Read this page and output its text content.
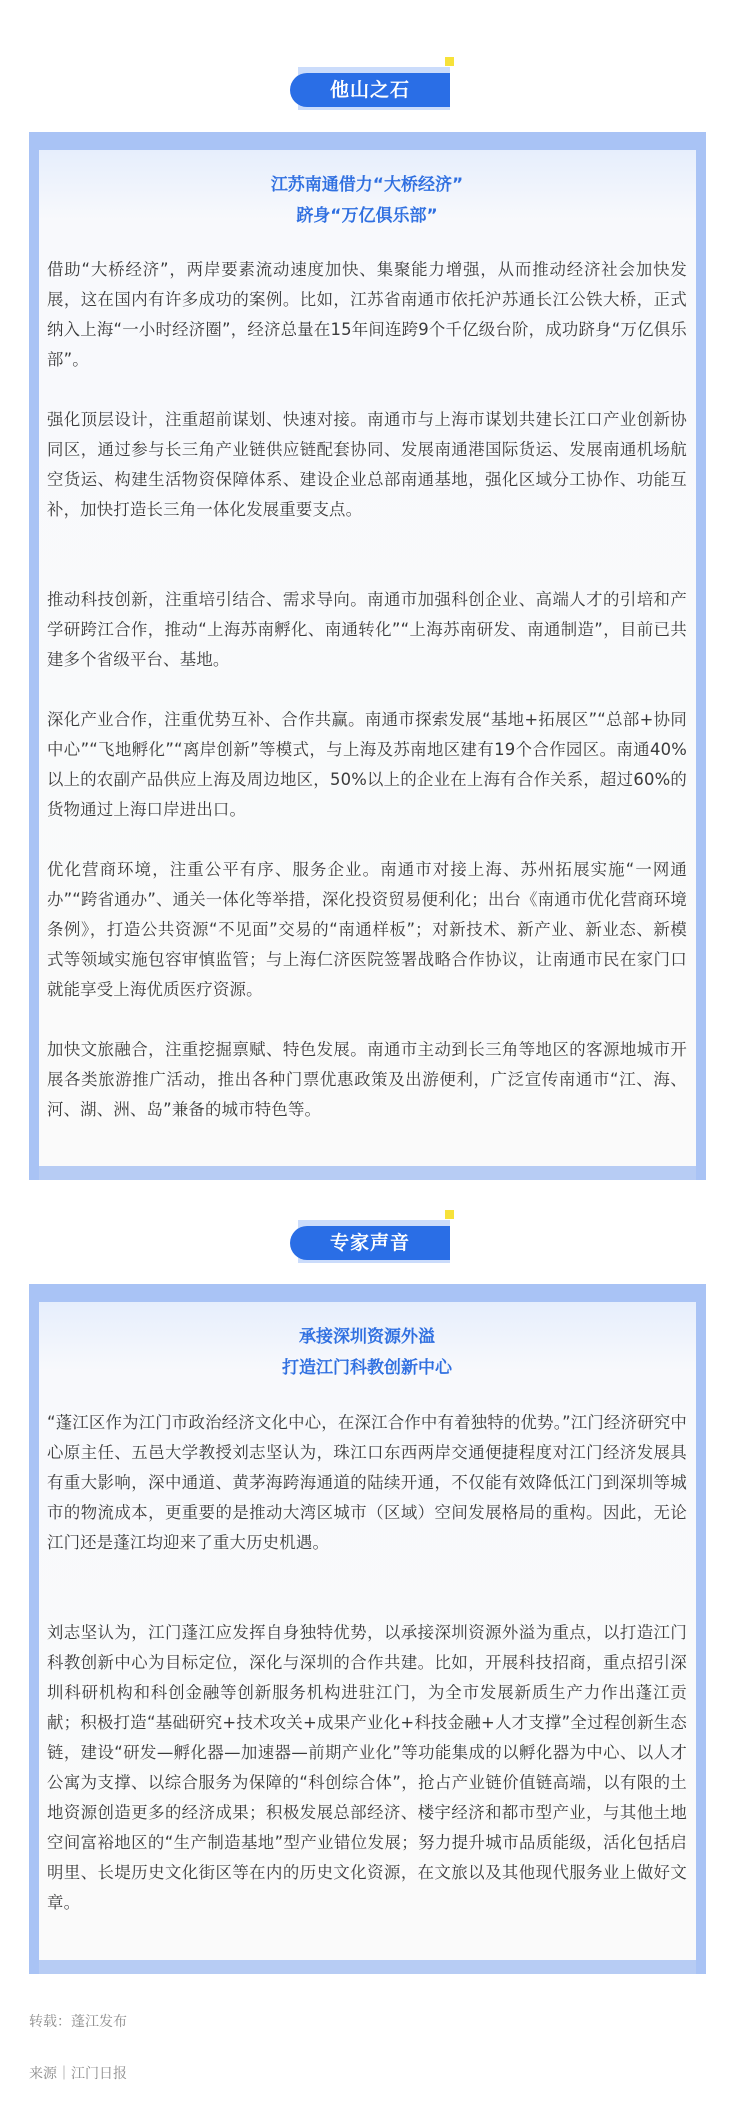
他山之石
江苏南通借力“大桥经济”
跻身“万亿俱乐部”
借助“大桥经济”，两岸要素流动速度加快、集聚能力增强，从而推动经济社会加快发展，这在国内有许多成功的案例。比如，江苏省南通市依托沪苏通长江公铁大桥，正式纳入上海“一小时经济圈”，经济总量在15年间连跨9个千亿级台阶，成功跻身“万亿俱乐部”。
强化顶层设计，注重超前谋划、快速对接。南通市与上海市谋划共建长江口产业创新协同区，通过参与长三角产业链供应链配套协同、发展南通港国际货运、发展南通机场航空货运、构建生活物资保障体系、建设企业总部南通基地，强化区域分工协作、功能互补，加快打造长三角一体化发展重要支点。
推动科技创新，注重培引结合、需求导向。南通市加强科创企业、高端人才的引培和产学研跨江合作，推动“上海苏南孵化、南通转化”“上海苏南研发、南通制造”，目前已共建多个省级平台、基地。
深化产业合作，注重优势互补、合作共赢。南通市探索发展“基地+拓展区”“总部+协同中心”“飞地孵化”“离岸创新”等模式，与上海及苏南地区建有19个合作园区。南通40%以上的农副产品供应上海及周边地区，50%以上的企业在上海有合作关系，超过60%的货物通过上海口岸进出口。
优化营商环境，注重公平有序、服务企业。南通市对接上海、苏州拓展实施“一网通办”“跨省通办”、通关一体化等举措，深化投资贸易便利化；出台《南通市优化营商环境条例》，打造公共资源“不见面”交易的“南通样板”；对新技术、新产业、新业态、新模式等领域实施包容审慎监管；与上海仁济医院签署战略合作协议，让南通市民在家门口就能享受上海优质医疗资源。
加快文旅融合，注重挖掘禀赋、特色发展。南通市主动到长三角等地区的客源地城市开展各类旅游推广活动，推出各种门票优惠政策及出游便利，广泛宣传南通市“江、海、河、湖、洲、岛”兼备的城市特色等。
专家声音
承接深圳资源外溢
打造江门科教创新中心
“蓬江区作为江门市政治经济文化中心，在深江合作中有着独特的优势。”江门经济研究中心原主任、五邑大学教授刘志坚认为，珠江口东西两岸交通便捷程度对江门经济发展具有重大影响，深中通道、黄茅海跨海通道的陆续开通，不仅能有效降低江门到深圳等城市的物流成本，更重要的是推动大湾区城市（区域）空间发展格局的重构。因此，无论江门还是蓬江均迎来了重大历史机遇。
刘志坚认为，江门蓬江应发挥自身独特优势，以承接深圳资源外溢为重点，以打造江门科教创新中心为目标定位，深化与深圳的合作共建。比如，开展科技招商，重点招引深圳科研机构和科创金融等创新服务机构进驻江门，为全市发展新质生产力作出蓬江贡献；积极打造“基础研究+技术攻关+成果产业化+科技金融+人才支撑”全过程创新生态链，建设“研发—孵化器—加速器—前期产业化”等功能集成的以孵化器为中心、以人才公寓为支撑、以综合服务为保障的“科创综合体”，抢占产业链价值链高端，以有限的土地资源创造更多的经济成果；积极发展总部经济、楼宇经济和都市型产业，与其他土地空间富裕地区的“生产制造基地”型产业错位发展；努力提升城市品质能级，活化包括启明里、长堤历史文化街区等在内的历史文化资源，在文旅以及其他现代服务业上做好文章。
转载：蓬江发布
来源｜江门日报
